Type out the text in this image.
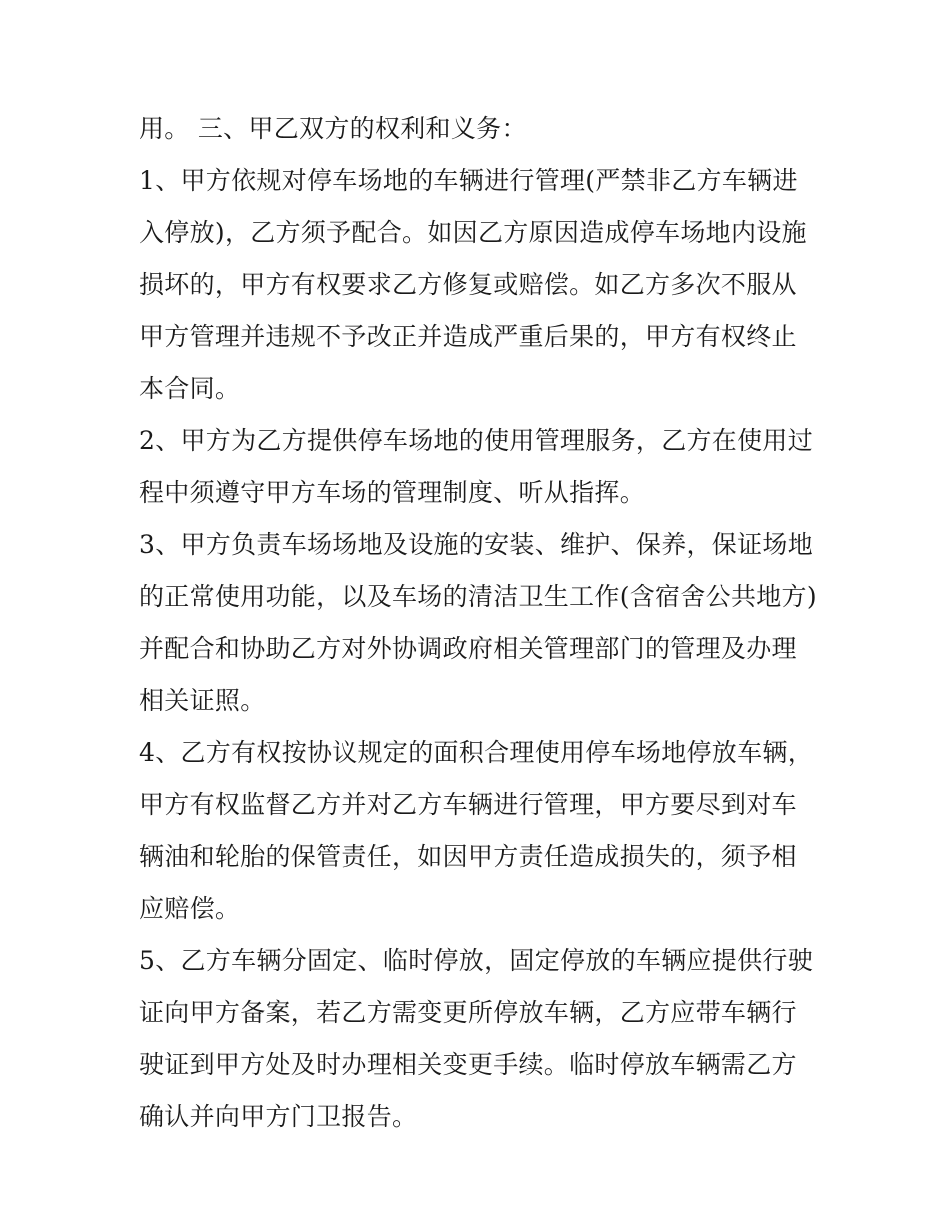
用。 三、甲乙双方的权利和义务：

1、甲方依规对停车场地的车辆进行管理(严禁非乙方车辆进入停放)，乙方须予配合。如因乙方原因造成停车场地内设施损坏的，甲方有权要求乙方修复或赔偿。如乙方多次不服从甲方管理并违规不予改正并造成严重后果的，甲方有权终止本合同。

2、甲方为乙方提供停车场地的使用管理服务，乙方在使用过程中须遵守甲方车场的管理制度、听从指挥。

3、甲方负责车场场地及设施的安装、维护、保养，保证场地的正常使用功能，以及车场的清洁卫生工作(含宿舍公共地方)并配合和协助乙方对外协调政府相关管理部门的管理及办理相关证照。

4、乙方有权按协议规定的面积合理使用停车场地停放车辆，甲方有权监督乙方并对乙方车辆进行管理，甲方要尽到对车辆油和轮胎的保管责任，如因甲方责任造成损失的，须予相应赔偿。

5、乙方车辆分固定、临时停放，固定停放的车辆应提供行驶证向甲方备案，若乙方需变更所停放车辆，乙方应带车辆行驶证到甲方处及时办理相关变更手续。临时停放车辆需乙方确认并向甲方门卫报告。
